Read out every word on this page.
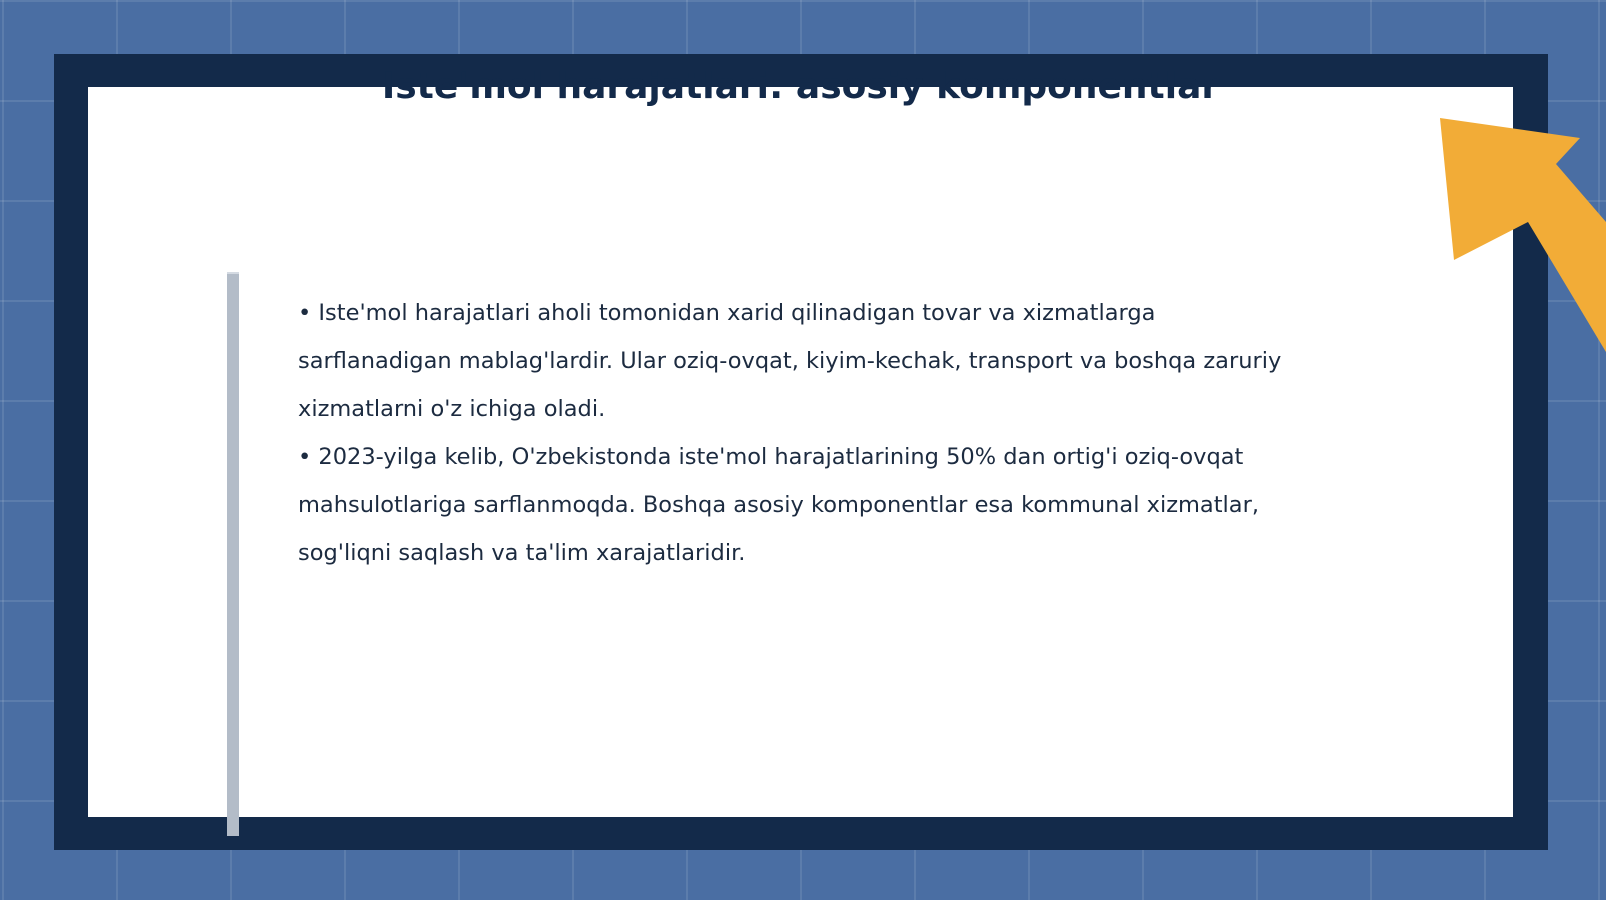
Iste'mol harajatlari: asosiy komponentlar

• Iste'mol harajatlari aholi tomonidan xarid qilinadigan tovar va xizmatlarga sarflanadigan mablag'lardir. Ular oziq-ovqat, kiyim-kechak, transport va boshqa zaruriy xizmatlarni o'z ichiga oladi.

• 2023-yilga kelib, O'zbekistonda iste'mol harajatlarining 50% dan ortig'i oziq-ovqat mahsulotlariga sarflanmoqda. Boshqa asosiy komponentlar esa kommunal xizmatlar, sog'liqni saqlash va ta'lim xarajatlaridir.
